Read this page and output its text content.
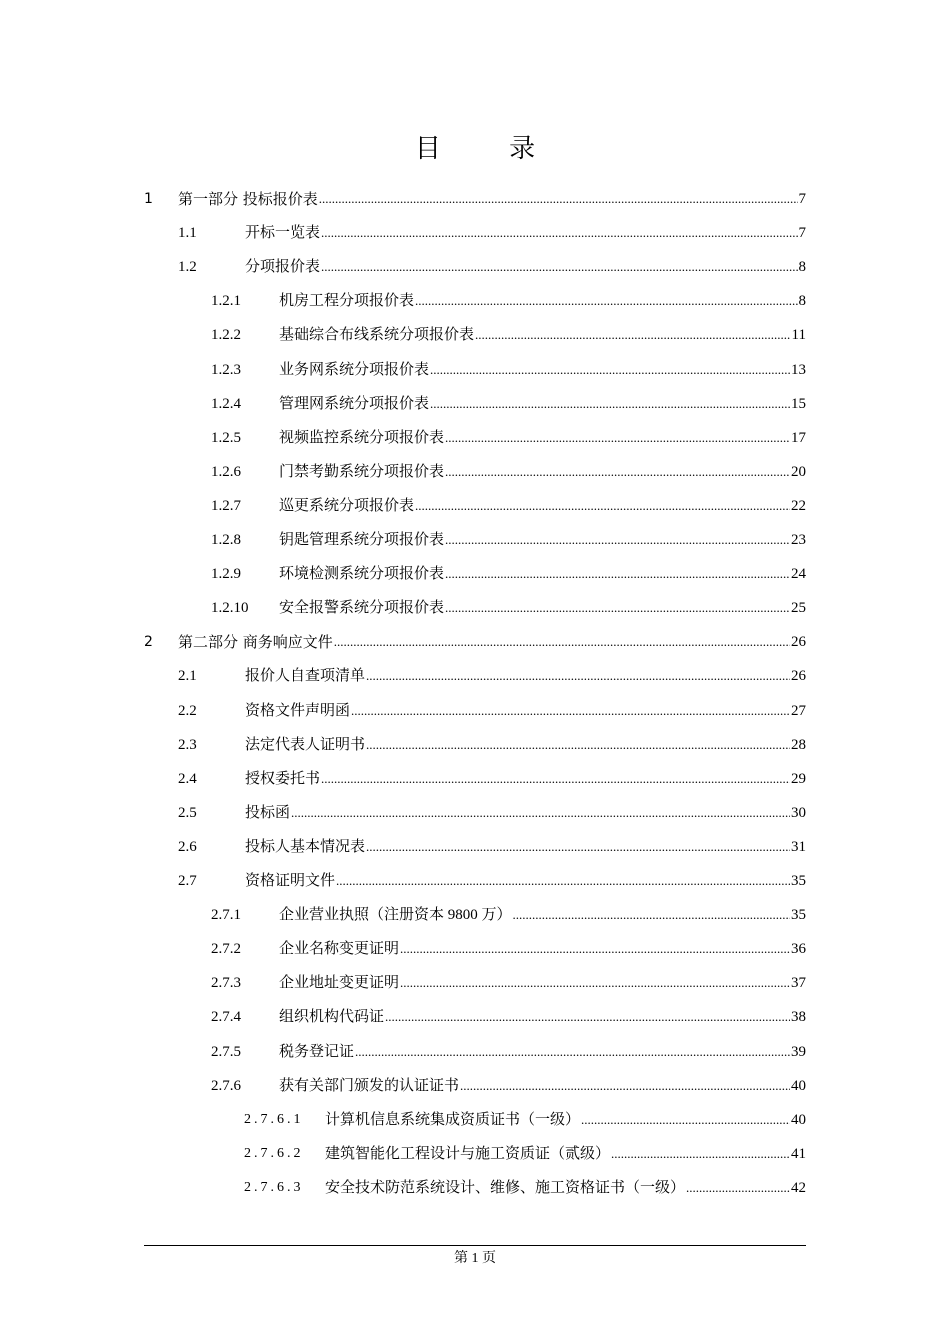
目 录
1	第一部分 投标报价表 .....	7
1.1	开标一览表 .....	7
1.2	分项报价表 .....	8
1.2.1	机房工程分项报价表 .....	8
1.2.2	基础综合布线系统分项报价表 .....	11
1.2.3	业务网系统分项报价表 .....	13
1.2.4	管理网系统分项报价表 .....	15
1.2.5	视频监控系统分项报价表 .....	17
1.2.6	门禁考勤系统分项报价表 .....	20
1.2.7	巡更系统分项报价表 .....	22
1.2.8	钥匙管理系统分项报价表 .....	23
1.2.9	环境检测系统分项报价表 .....	24
1.2.10	安全报警系统分项报价表 .....	25
2	第二部分 商务响应文件 .....	26
2.1	报价人自查项清单 .....	26
2.2	资格文件声明函 .....	27
2.3	法定代表人证明书 .....	28
2.4	授权委托书 .....	29
2.5	投标函 .....	30
2.6	投标人基本情况表 .....	31
2.7	资格证明文件 .....	35
2.7.1	企业营业执照（注册资本 9800 万） .....	35
2.7.2	企业名称变更证明 .....	36
2.7.3	企业地址变更证明 .....	37
2.7.4	组织机构代码证 .....	38
2.7.5	税务登记证 .....	39
2.7.6	获有关部门颁发的认证证书 .....	40
2.7.6.1	计算机信息系统集成资质证书（一级） .....	40
2.7.6.2	建筑智能化工程设计与施工资质证（贰级） .....	41
2.7.6.3	安全技术防范系统设计、维修、施工资格证书（一级） .....	42
第 1 页
